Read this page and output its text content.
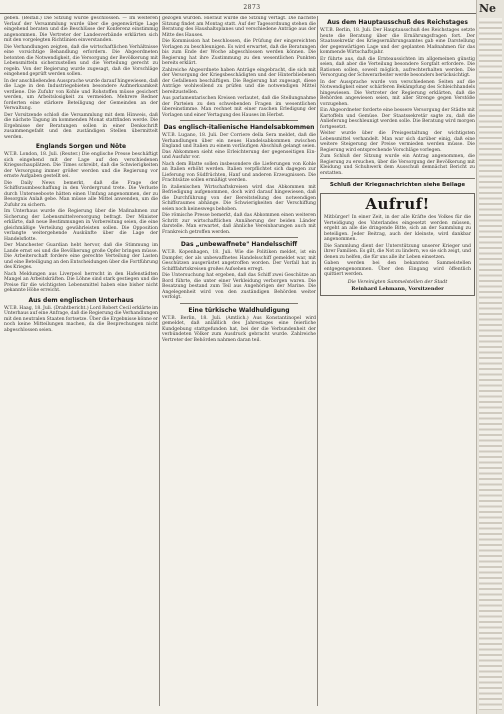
2873
geben. (Beifall.) Die Sitzung wurde geschlossen. — Im weiteren Verlauf der Versammlung wurde über die gegenwärtige Lage eingehend beraten und die Beschlüsse der Konferenz einstimmig angenommen. Die Vertreter der Landesverbände erklärten sich mit den vorgelegten Richtlinien einverstanden.
Die Verhandlungen zeigten, daß die wirtschaftlichen Verhältnisse eine vorsichtige Behandlung erfordern. Die Abgeordneten betonten die Notwendigkeit, die Versorgung der Bevölkerung mit Lebensmitteln sicherzustellen und die Verteilung gerecht zu regeln. Von der Regierung wurde zugesagt, daß die Vorschläge eingehend geprüft werden sollen.
In der anschließenden Aussprache wurde darauf hingewiesen, daß die Lage in den Industriegebieten besondere Aufmerksamkeit verdiene. Die Zufuhr von Kohle und Rohstoffen müsse gesichert werden, um Arbeitslosigkeit zu vermeiden. Mehrere Redner forderten eine stärkere Beteiligung der Gemeinden an der Verwaltung.
Der Vorsitzende schloß die Versammlung mit dem Hinweis, daß die nächste Tagung im kommenden Monat stattfinden werde. Die Ergebnisse der Beratungen sollen in einer Denkschrift zusammengefaßt und den zuständigen Stellen übermittelt werden.
Englands Sorgen und Nöte
W.T.B. London, 18. Juli. (Reuter.) Die englische Presse beschäftigt sich eingehend mit der Lage auf den verschiedenen Kriegsschauplätzen. Die Times schreibt, daß die Schwierigkeiten der Versorgung immer größer werden und die Regierung vor ernste Aufgaben gestellt sei.
Die Daily News bemerkt, daß die Frage der Schiffsraumbeschaffung in den Vordergrund trete. Die Verluste durch Unterseeboote hätten einen Umfang angenommen, der zu Besorgnis Anlaß gebe. Man müsse alle Mittel anwenden, um die Zufuhr zu sichern.
Im Unterhaus wurde die Regierung über die Maßnahmen zur Sicherung der Lebensmittelversorgung befragt. Der Minister erklärte, daß neue Bestimmungen in Vorbereitung seien, die eine gleichmäßige Verteilung gewährleisten sollen. Die Opposition verlangte weitergehende Auskünfte über die Lage der Handelsflotte.
Der Manchester Guardian hebt hervor, daß die Stimmung im Lande ernst sei und die Bevölkerung große Opfer bringen müsse. Die Arbeiterschaft fordere eine gerechte Verteilung der Lasten und eine Beteiligung an den Entscheidungen über die Fortführung des Krieges.
Nach Meldungen aus Liverpool herrscht in den Hafenstädten Mangel an Arbeitskräften. Die Löhne sind stark gestiegen und die Preise für die wichtigsten Lebensmittel haben eine bisher nicht gekannte Höhe erreicht.
Aus dem englischen Unterhaus
W.T.B. Haag, 18. Juli. (Drahtbericht.) Lord Robert Cecil erklärte im Unterhaus auf eine Anfrage, daß die Regierung die Verhandlungen mit den neutralen Staaten fortsetze. Über die Ergebnisse könne er noch keine Mitteilungen machen, da die Besprechungen nicht abgeschlossen seien.
gezogen wurden. Hierauf wurde die Sitzung vertagt. Die nächste Sitzung findet am Montag statt. Auf der Tagesordnung stehen die Beratung des Haushaltsplanes und verschiedene Anträge aus der Mitte des Hauses.
Die Kommission hat beschlossen, die Prüfung der eingereichten Vorlagen zu beschleunigen. Es wird erwartet, daß die Beratungen bis zum Ende der Woche abgeschlossen werden können. Die Regierung hat ihre Zustimmung zu den wesentlichen Punkten bereits erklärt.
Zahlreiche Abgeordnete haben Anträge eingebracht, die sich mit der Versorgung der Kriegsbeschädigten und der Hinterbliebenen der Gefallenen beschäftigen. Die Regierung hat zugesagt, diese Anträge wohlwollend zu prüfen und die notwendigen Mittel bereitzustellen.
Aus parlamentarischen Kreisen verlautet, daß die Stellungnahme der Parteien zu den schwebenden Fragen im wesentlichen übereinstimme. Man rechnet mit einer raschen Erledigung der Vorlagen und einer Vertagung des Hauses im Herbst.
Das englisch-italienische Handelsabkommen
W.T.B. Lugano, 18. Juli. Der Corriere della Sera meldet, daß die Verhandlungen über ein neues Handelsabkommen zwischen England und Italien zu einem vorläufigen Abschluß gelangt seien. Das Abkommen sieht eine Erleichterung der gegenseitigen Ein- und Ausfuhr vor.
Nach dem Blatte sollen insbesondere die Lieferungen von Kohle an Italien erhöht werden. Italien verpflichtet sich dagegen zur Lieferung von Südfrüchten, Hanf und anderen Erzeugnissen. Die Frachtsätze sollen ermäßigt werden.
In italienischen Wirtschaftskreisen wird das Abkommen mit Befriedigung aufgenommen, doch wird darauf hingewiesen, daß die Durchführung von der Bereitstellung des notwendigen Schiffsraumes abhänge. Die Schwierigkeiten der Verschiffung seien noch keineswegs behoben.
Die römische Presse bemerkt, daß das Abkommen einen weiteren Schritt zur wirtschaftlichen Annäherung der beiden Länder darstelle. Man erwartet, daß ähnliche Vereinbarungen auch mit Frankreich getroffen werden.
Das „unbewaffnete" Handelsschiff
W.T.B. Kopenhagen, 18. Juli. Wie die Politiken meldet, ist ein Dampfer, der als unbewaffnetes Handelsschiff gemeldet war, mit Geschützen ausgerüstet angetroffen worden. Der Vorfall hat in Schifffahrtskreisen großes Aufsehen erregt.
Die Untersuchung hat ergeben, daß das Schiff zwei Geschütze an Bord führte, die unter einer Verkleidung verborgen waren. Die Besatzung bestand zum Teil aus Angehörigen der Marine. Die Angelegenheit wird von den zuständigen Behörden weiter verfolgt.
Eine türkische Waldhuldigung
W.T.B. Berlin, 18. Juli. (Amtlich.) Aus Konstantinopel wird gemeldet, daß anläßlich des Jahrestages eine feierliche Kundgebung stattgefunden hat, bei der die Verbundenheit der verbündeten Völker zum Ausdruck gebracht wurde. Zahlreiche Vertreter der Behörden nahmen daran teil.
Aus dem Hauptausschuß des Reichstages
W.T.B. Berlin, 18. Juli. Der Hauptausschuß des Reichstages setzte heute die Beratung über die Ernährungsfragen fort. Der Staatssekretär des Kriegsernährungsamtes gab eine Darstellung der gegenwärtigen Lage und der geplanten Maßnahmen für das kommende Wirtschaftsjahr.
Er führte aus, daß die Ernteaussichten im allgemeinen günstig seien, daß aber die Verteilung besondere Sorgfalt erfordere. Die Rationen sollen, soweit möglich, aufrechterhalten werden. Die Versorgung der Schwerarbeiter werde besonders berücksichtigt.
In der Aussprache wurde von verschiedenen Seiten auf die Notwendigkeit einer schärferen Bekämpfung des Schleichhandels hingewiesen. Die Vertreter der Regierung erklärten, daß die Behörden angewiesen seien, mit aller Strenge gegen Verstöße vorzugehen.
Ein Abgeordneter forderte eine bessere Versorgung der Städte mit Kartoffeln und Gemüse. Der Staatssekretär sagte zu, daß die Anlieferung beschleunigt werden solle. Die Beratung wird morgen fortgesetzt.
Weiter wurde über die Preisgestaltung der wichtigsten Lebensmittel verhandelt. Man war sich darüber einig, daß eine weitere Steigerung der Preise vermieden werden müsse. Die Regierung wird entsprechende Vorschläge vorlegen.
Zum Schluß der Sitzung wurde ein Antrag angenommen, die Regierung zu ersuchen, über die Versorgung der Bevölkerung mit Kleidung und Schuhwerk dem Ausschuß demnächst Bericht zu erstatten.
Schluß der Kriegsnachrichten siehe Beilage
Aufruf!
Mitbürger! In einer Zeit, in der alle Kräfte des Volkes für die Verteidigung des Vaterlandes eingesetzt werden müssen, ergeht an alle die dringende Bitte, sich an der Sammlung zu beteiligen. Jeder Beitrag, auch der kleinste, wird dankbar angenommen.
Die Sammlung dient der Unterstützung unserer Krieger und ihrer Familien. Es gilt, die Not zu lindern, wo sie sich zeigt, und denen zu helfen, die für uns alle ihr Leben einsetzen.
Gaben werden bei den bekannten Sammelstellen entgegengenommen. Über den Eingang wird öffentlich quittiert werden.
Die Vereinigten Sammelstellen der Stadt
Reinhard Lehmann, Vorsitzender
Ne
